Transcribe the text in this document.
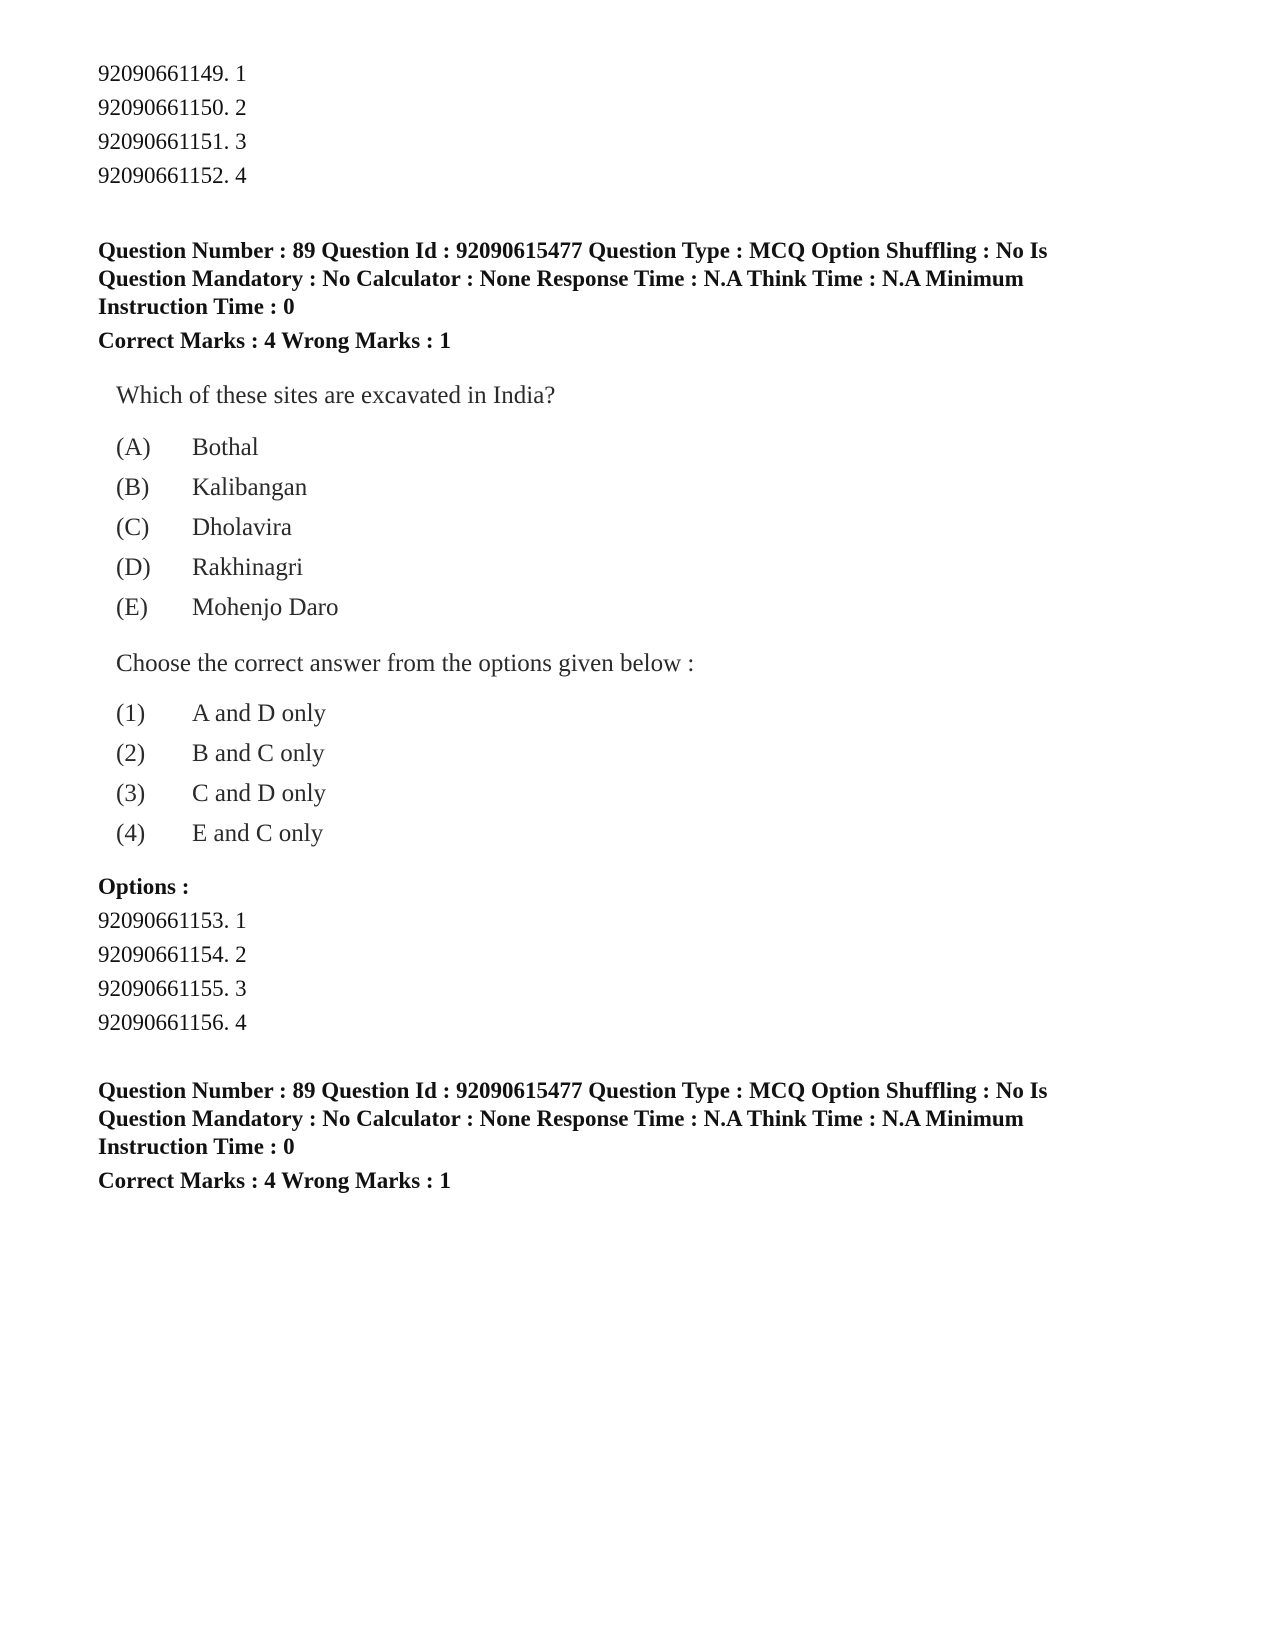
92090661149. 1
92090661150. 2
92090661151. 3
92090661152. 4
Question Number : 89 Question Id : 92090615477 Question Type : MCQ Option Shuffling : No Is
Question Mandatory : No Calculator : None Response Time : N.A Think Time : N.A Minimum
Instruction Time : 0
Correct Marks : 4 Wrong Marks : 1
Which of these sites are excavated in India?
(A)	Bothal
(B)	Kalibangan
(C)	Dholavira
(D)	Rakhinagri
(E)	Mohenjo Daro
Choose the correct answer from the options given below :
(1)	A and D only
(2)	B and C only
(3)	C and D only
(4)	E and C only
Options :
92090661153. 1
92090661154. 2
92090661155. 3
92090661156. 4
Question Number : 89 Question Id : 92090615477 Question Type : MCQ Option Shuffling : No Is
Question Mandatory : No Calculator : None Response Time : N.A Think Time : N.A Minimum
Instruction Time : 0
Correct Marks : 4 Wrong Marks : 1
